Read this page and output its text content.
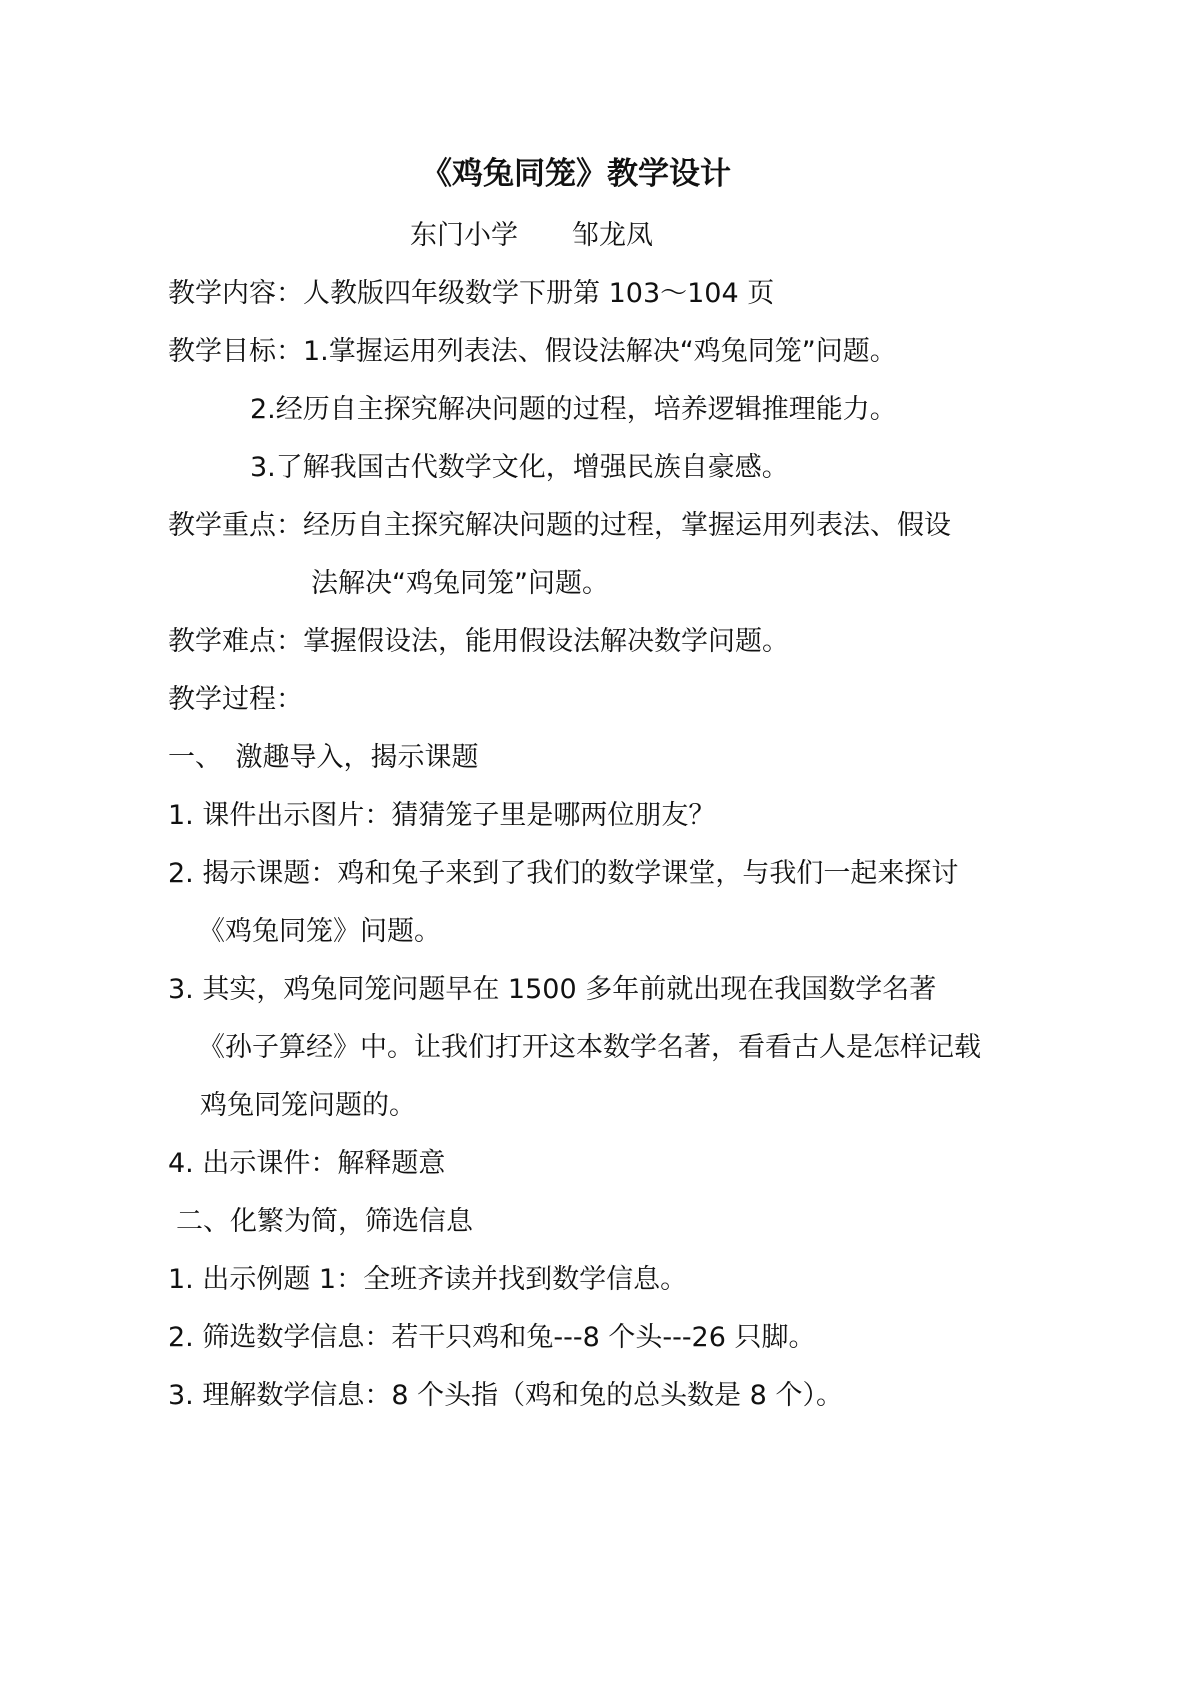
《鸡兔同笼》教学设计
东门小学　　邹龙凤
教学内容：人教版四年级数学下册第 103～104 页
教学目标：1.掌握运用列表法、假设法解决“鸡兔同笼”问题。
2.经历自主探究解决问题的过程，培养逻辑推理能力。
3.了解我国古代数学文化，增强民族自豪感。
教学重点：经历自主探究解决问题的过程，掌握运用列表法、假设
法解决“鸡兔同笼”问题。
教学难点：掌握假设法，能用假设法解决数学问题。
教学过程：
一、　激趣导入，揭示课题
1. 课件出示图片：猜猜笼子里是哪两位朋友？
2. 揭示课题：鸡和兔子来到了我们的数学课堂，与我们一起来探讨
《鸡兔同笼》问题。
3. 其实，鸡兔同笼问题早在 1500 多年前就出现在我国数学名著
《孙子算经》中。让我们打开这本数学名著，看看古人是怎样记载
鸡兔同笼问题的。
4. 出示课件：解释题意
二、化繁为简，筛选信息
1. 出示例题 1：全班齐读并找到数学信息。
2. 筛选数学信息：若干只鸡和兔---8 个头---26 只脚。
3. 理解数学信息：8 个头指（鸡和兔的总头数是 8 个）。
